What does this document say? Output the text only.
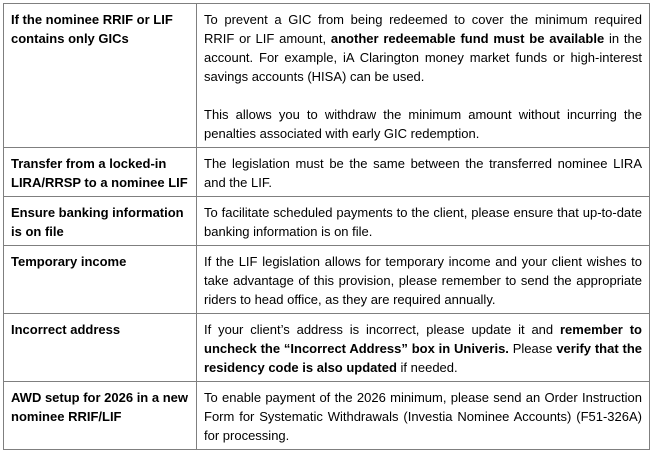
If the nominee RRIF or LIF contains only GICs	To prevent a GIC from being redeemed to cover the minimum required RRIF or LIF amount, another redeemable fund must be available in the account. For example, iA Clarington money market funds or high-interest savings accounts (HISA) can be used.

This allows you to withdraw the minimum amount without incurring the penalties associated with early GIC redemption.

Transfer from a locked-in LIRA/RRSP to a nominee LIF	The legislation must be the same between the transferred nominee LIRA and the LIF.

Ensure banking information is on file	To facilitate scheduled payments to the client, please ensure that up-to-date banking information is on file.

Temporary income	If the LIF legislation allows for temporary income and your client wishes to take advantage of this provision, please remember to send the appropriate riders to head office, as they are required annually.

Incorrect address	If your client’s address is incorrect, please update it and remember to uncheck the “Incorrect Address” box in Univeris. Please verify that the residency code is also updated if needed.

AWD setup for 2026 in a new nominee RRIF/LIF	To enable payment of the 2026 minimum, please send an Order Instruction Form for Systematic Withdrawals (Investia Nominee Accounts) (F51-326A) for processing.
